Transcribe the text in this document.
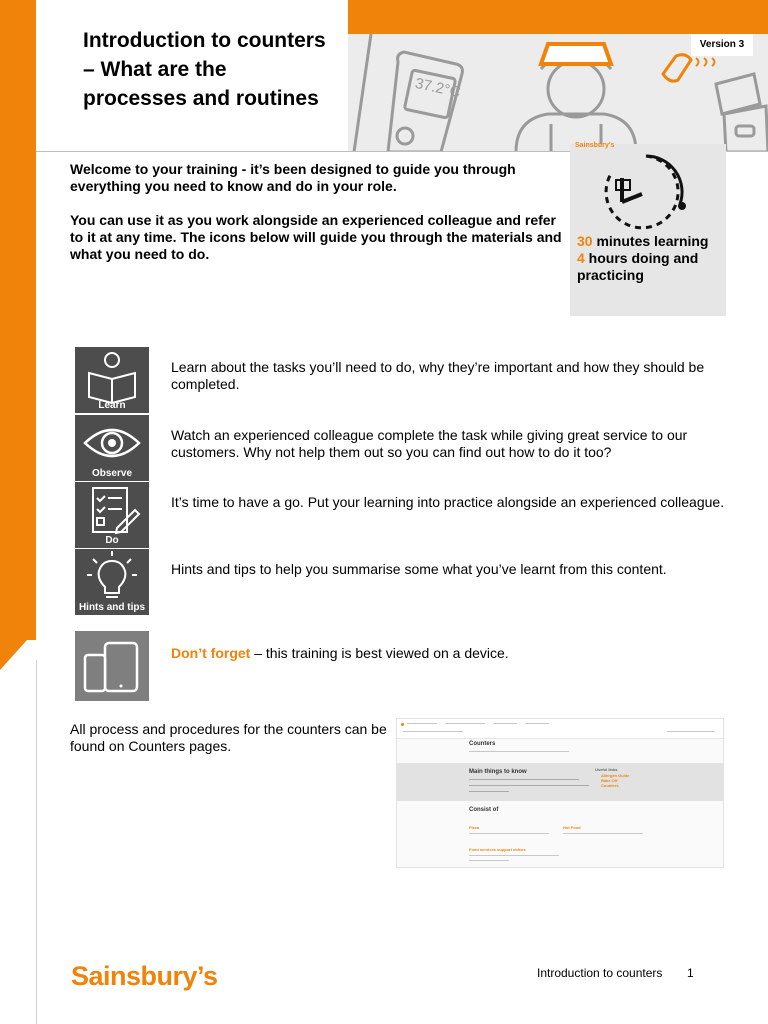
37.2°C
Introduction to counters – What are the processes and routines
Version 3
Welcome to your training - it’s been designed to guide you through everything you need to know and do in your role.
You can use it as you work alongside an experienced colleague and refer to it at any time. The icons below will guide you through the materials and what you need to do.
Sainsbury's
30 minutes learning
4 hours doing and practicing
Learn
Learn about the tasks you’ll need to do, why they’re important and how they should be completed.
Observe
Watch an experienced colleague complete the task while giving great service to our customers. Why not help them out so you can find out how to do it too?
Do
It’s time to have a go. Put your learning into practice alongside an experienced colleague.
Hints and tips
Hints and tips to help you summarise some what you’ve learnt from this content.
Don’t forget – this training is best viewed on a device.
All process and procedures for the counters can be found on Counters pages.	Counters
Main things to know	Useful links
Allergen Guide
Bake Off
Counters
Consist of
Pizza	Hot Food
Food services support videos
Sainsbury’s	Introduction to counters 1
